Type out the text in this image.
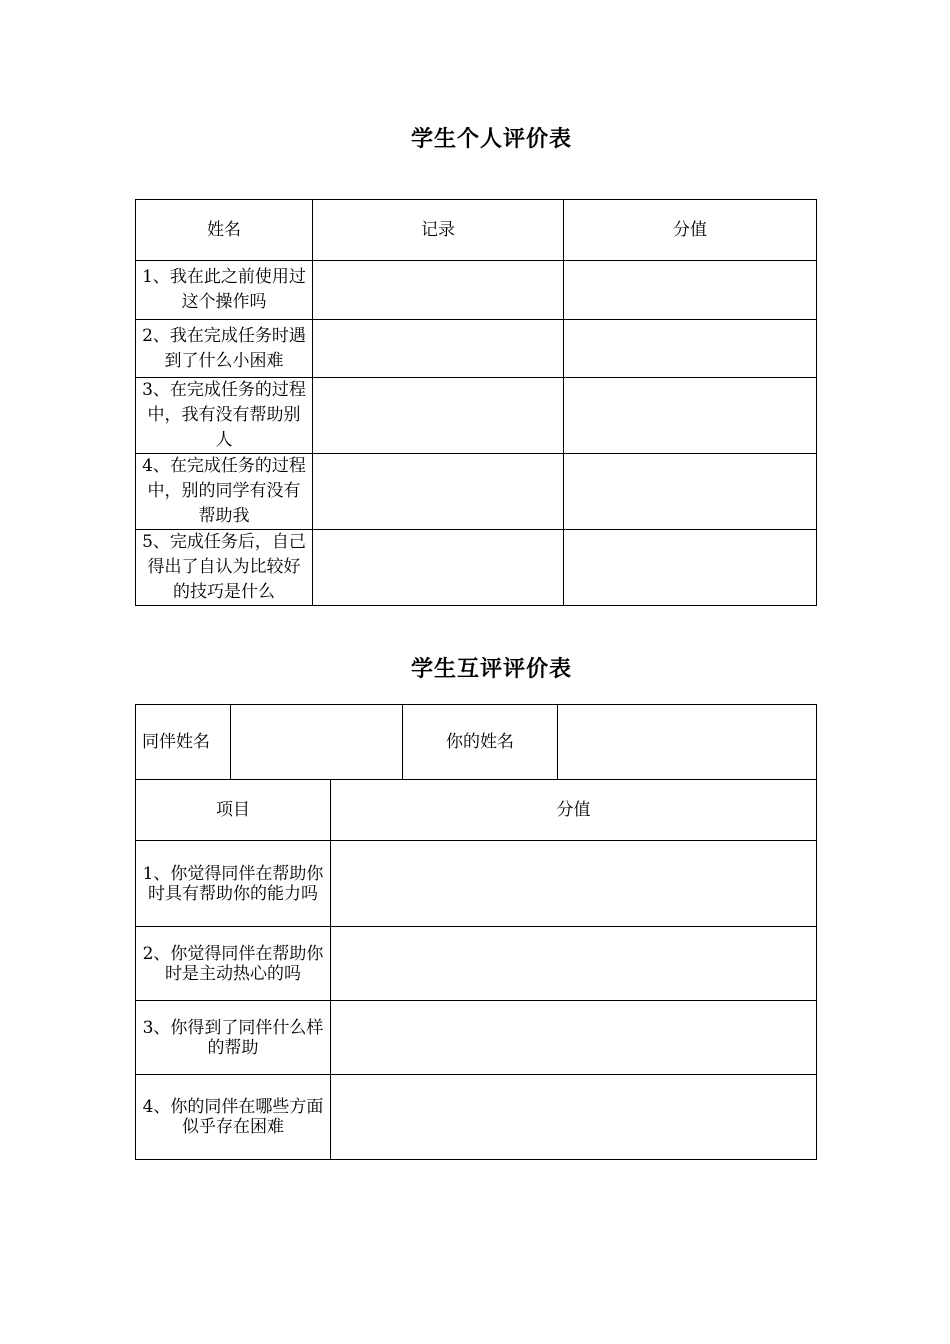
学生个人评价表
姓名	记录	分值
1、我在此之前使用过这个操作吗		
2、我在完成任务时遇到了什么小困难		
3、在完成任务的过程中，我有没有帮助别人		
4、在完成任务的过程中，别的同学有没有帮助我		
5、完成任务后，自己得出了自认为比较好的技巧是什么		
学生互评评价表
同伴姓名			你的姓名	
项目		分值		
1、你觉得同伴在帮助你时具有帮助你的能力吗				
2、你觉得同伴在帮助你时是主动热心的吗				
3、你得到了同伴什么样的帮助				
4、你的同伴在哪些方面似乎存在困难				
